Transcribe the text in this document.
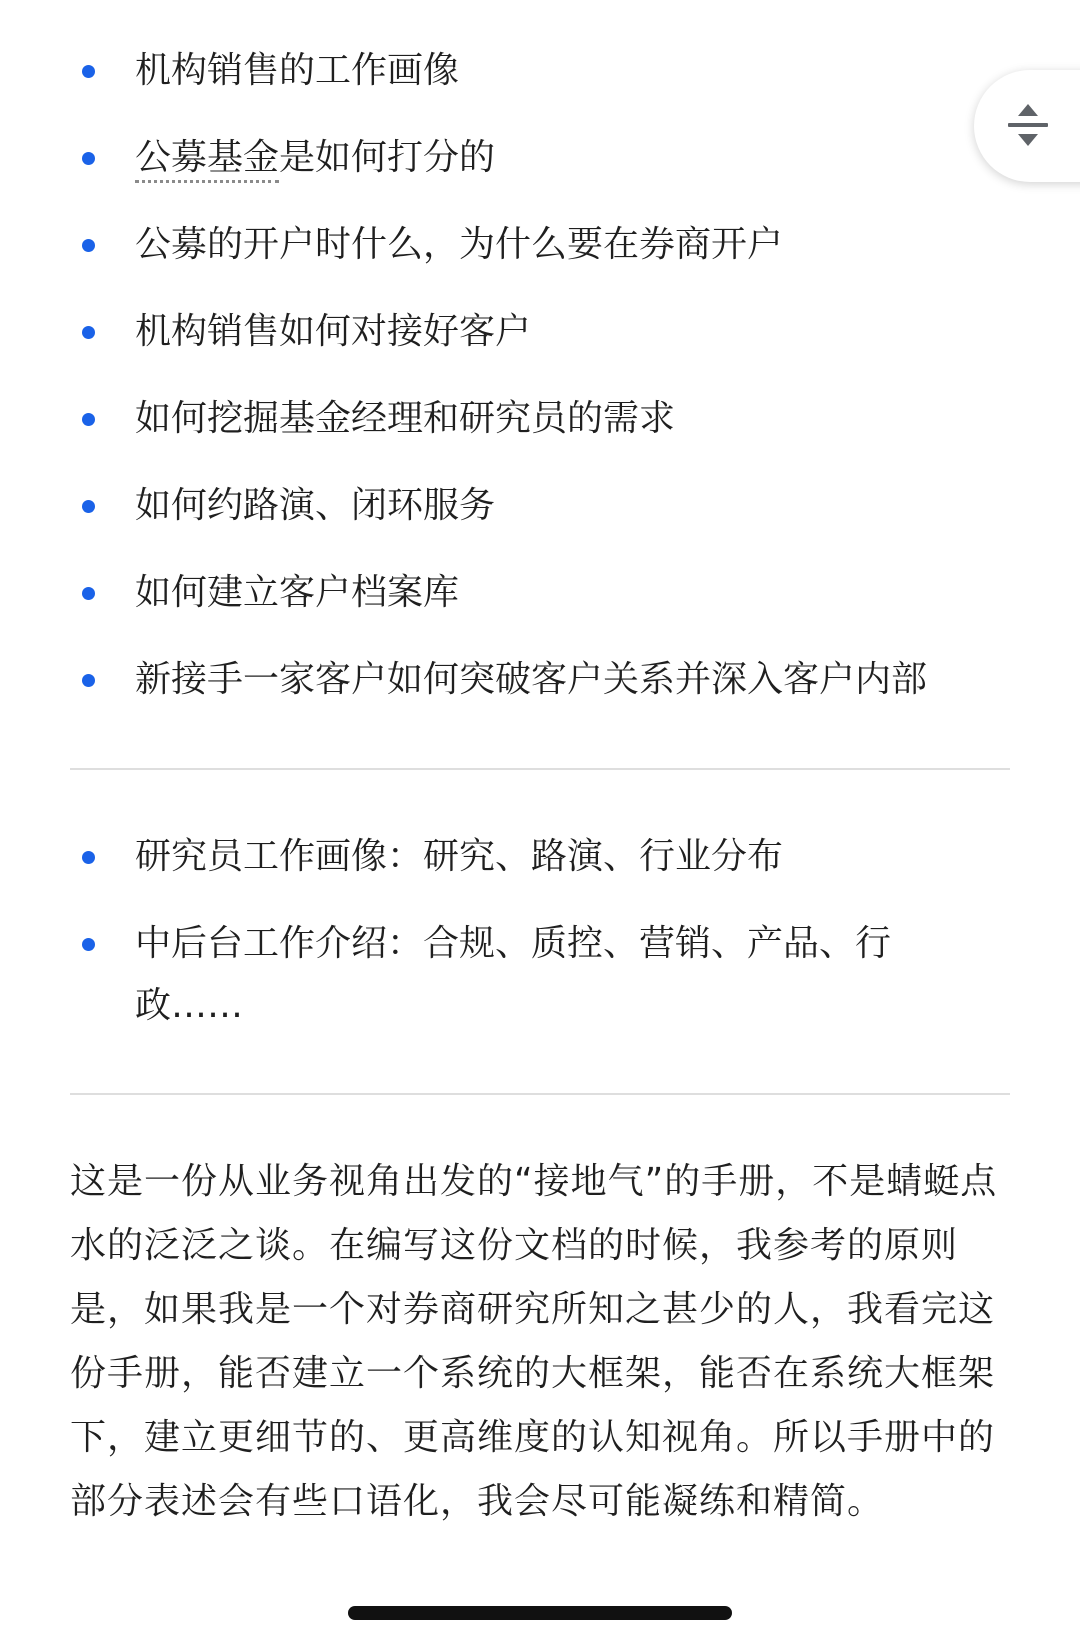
机构销售的工作画像
公募基金是如何打分的
公募的开户时什么，为什么要在券商开户
机构销售如何对接好客户
如何挖掘基金经理和研究员的需求
如何约路演、闭环服务
如何建立客户档案库
新接手一家客户如何突破客户关系并深入客户内部
研究员工作画像：研究、路演、行业分布
中后台工作介绍：合规、质控、营销、产品、行政……

这是一份从业务视角出发的“接地气”的手册，不是蜻蜓点水的泛泛之谈。在编写这份文档的时候，我参考的原则是，如果我是一个对券商研究所知之甚少的人，我看完这份手册，能否建立一个系统的大框架，能否在系统大框架下，建立更细节的、更高维度的认知视角。所以手册中的部分表述会有些口语化，我会尽可能凝练和精简。
